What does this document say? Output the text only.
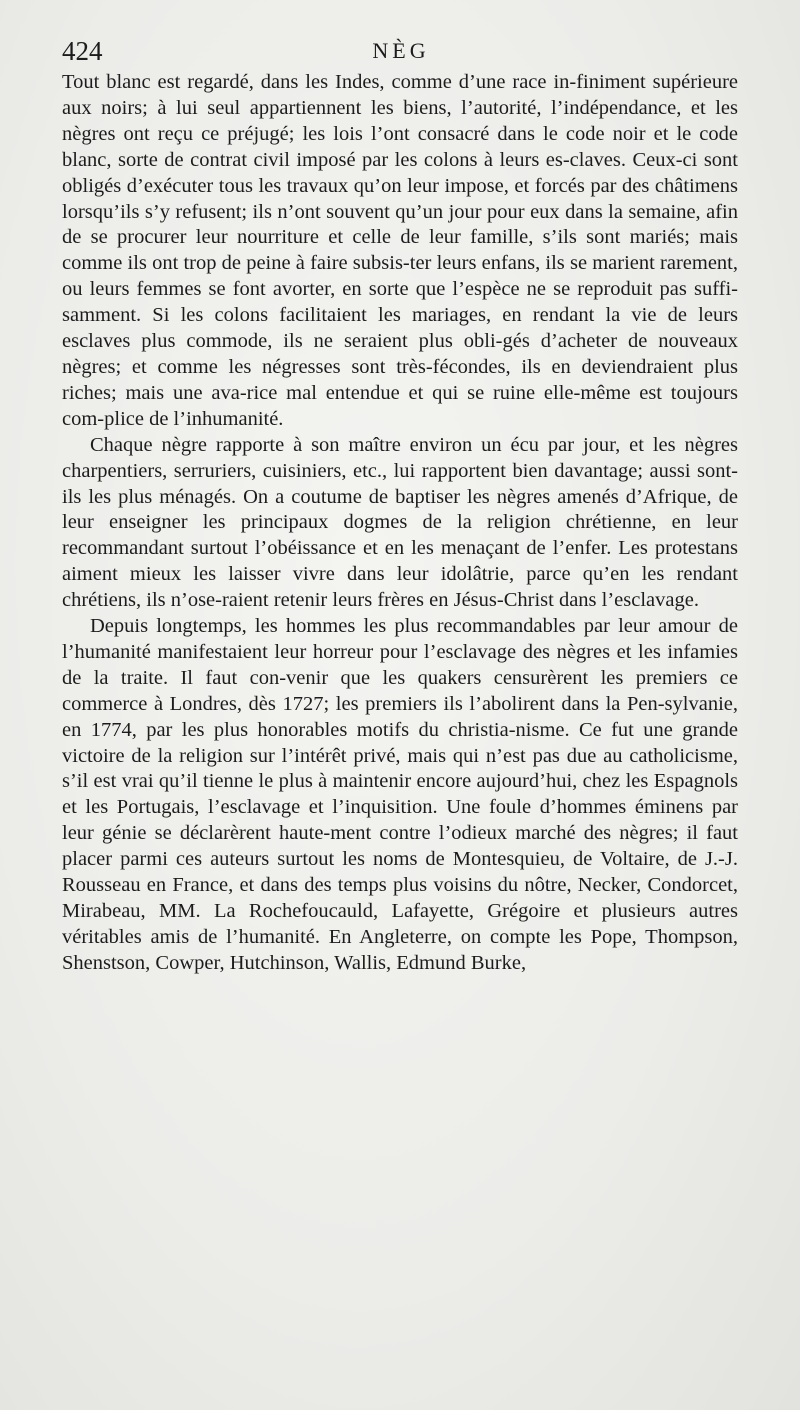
424	NÈG

Tout blanc est regardé, dans les Indes, comme d’une race in-finiment supérieure aux noirs; à lui seul appartiennent les biens, l’autorité, l’indépendance, et les nègres ont reçu ce préjugé; les lois l’ont consacré dans le code noir et le code blanc, sorte de contrat civil imposé par les colons à leurs es-claves. Ceux-ci sont obligés d’exécuter tous les travaux qu’on leur impose, et forcés par des châtimens lorsqu’ils s’y refusent; ils n’ont souvent qu’un jour pour eux dans la semaine, afin de se procurer leur nourriture et celle de leur famille, s’ils sont mariés; mais comme ils ont trop de peine à faire subsis-ter leurs enfans, ils se marient rarement, ou leurs femmes se font avorter, en sorte que l’espèce ne se reproduit pas suffi-samment. Si les colons facilitaient les mariages, en rendant la vie de leurs esclaves plus commode, ils ne seraient plus obli-gés d’acheter de nouveaux nègres; et comme les négresses sont très-fécondes, ils en deviendraient plus riches; mais une ava-rice mal entendue et qui se ruine elle-même est toujours com-plice de l’inhumanité.

Chaque nègre rapporte à son maître environ un écu par jour, et les nègres charpentiers, serruriers, cuisiniers, etc., lui rapportent bien davantage; aussi sont-ils les plus ménagés. On a coutume de baptiser les nègres amenés d’Afrique, de leur enseigner les principaux dogmes de la religion chrétienne, en leur recommandant surtout l’obéissance et en les menaçant de l’enfer. Les protestans aiment mieux les laisser vivre dans leur idolâtrie, parce qu’en les rendant chrétiens, ils n’ose-raient retenir leurs frères en Jésus-Christ dans l’esclavage.

Depuis longtemps, les hommes les plus recommandables par leur amour de l’humanité manifestaient leur horreur pour l’esclavage des nègres et les infamies de la traite. Il faut con-venir que les quakers censurèrent les premiers ce commerce à Londres, dès 1727; les premiers ils l’abolirent dans la Pen-sylvanie, en 1774, par les plus honorables motifs du christia-nisme. Ce fut une grande victoire de la religion sur l’intérêt privé, mais qui n’est pas due au catholicisme, s’il est vrai qu’il tienne le plus à maintenir encore aujourd’hui, chez les Espagnols et les Portugais, l’esclavage et l’inquisition. Une foule d’hommes éminens par leur génie se déclarèrent haute-ment contre l’odieux marché des nègres; il faut placer parmi ces auteurs surtout les noms de Montesquieu, de Voltaire, de J.-J. Rousseau en France, et dans des temps plus voisins du nôtre, Necker, Condorcet, Mirabeau, MM. La Rochefoucauld, Lafayette, Grégoire et plusieurs autres véritables amis de l’humanité. En Angleterre, on compte les Pope, Thompson, Shenstson, Cowper, Hutchinson, Wallis, Edmund Burke,
